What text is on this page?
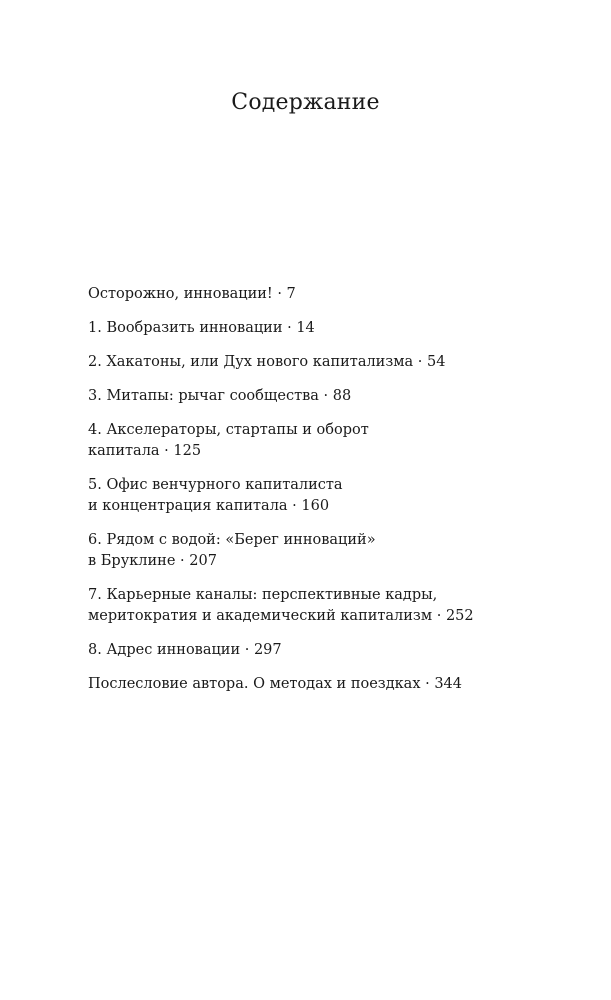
Содержание
Осторожно, инновации! · 7
1. Вообразить инновации · 14
2. Хакатоны, или Дух нового капитализма · 54
3. Митапы: рычаг сообщества · 88
4. Акселераторы, стартапы и оборот
капитала · 125
5. Офис венчурного капиталиста
и концентрация капитала · 160
6. Рядом с водой: «Берег инноваций»
в Бруклине · 207
7. Карьерные каналы: перспективные кадры,
меритократия и академический капитализм · 252
8. Адрес инновации · 297
Послесловие автора. О методах и поездках · 344
